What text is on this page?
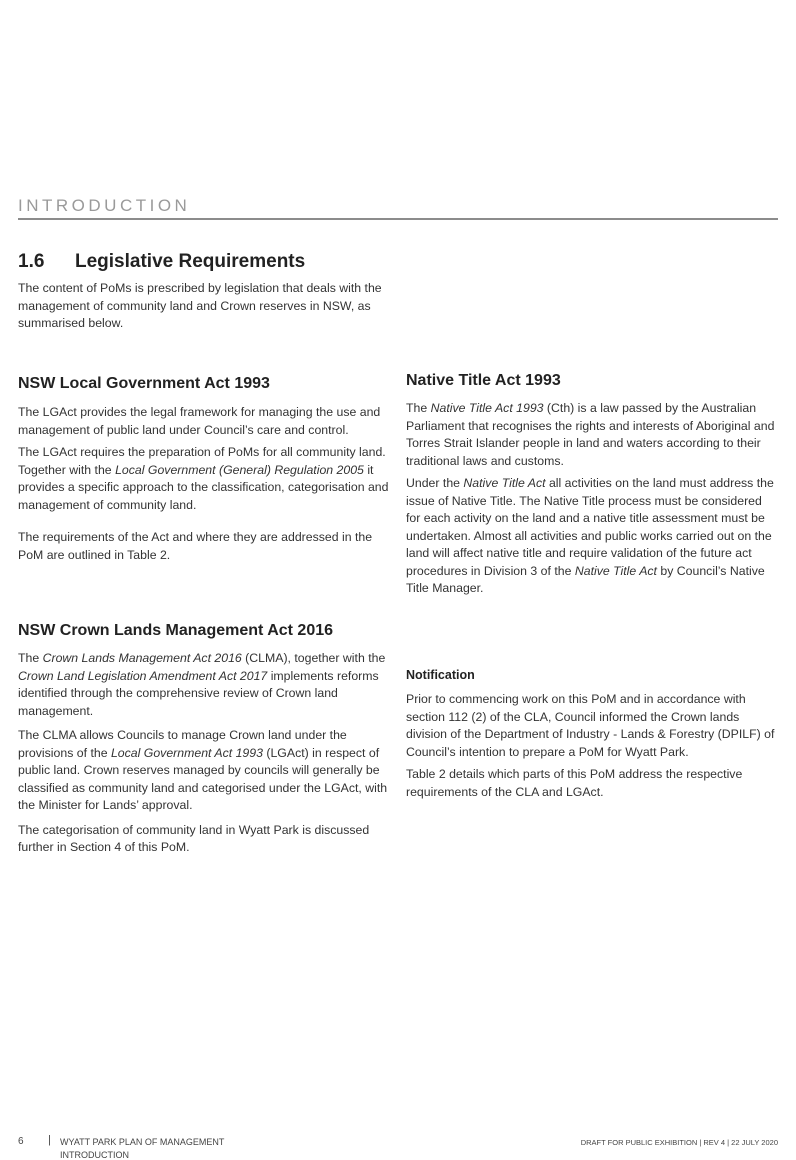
INTRODUCTION
1.6 Legislative Requirements

The content of PoMs is prescribed by legislation that deals with the management of community land and Crown reserves in NSW, as summarised below.

NSW Local Government Act 1993

The LGAct provides the legal framework for managing the use and management of public land under Council’s care and control.

The LGAct requires the preparation of PoMs for all community land. Together with the Local Government (General) Regulation 2005 it provides a specific approach to the classification, categorisation and management of community land.

The requirements of the Act and where they are addressed in the PoM are outlined in Table 2.

NSW Crown Lands Management Act 2016

The Crown Lands Management Act 2016 (CLMA), together with the Crown Land Legislation Amendment Act 2017 implements reforms identified through the comprehensive review of Crown land management.

The CLMA allows Councils to manage Crown land under the provisions of the Local Government Act 1993 (LGAct) in respect of public land. Crown reserves managed by councils will generally be classified as community land and categorised under the LGAct, with the Minister for Lands’ approval.

The categorisation of community land in Wyatt Park is discussed further in Section 4 of this PoM.

Native Title Act 1993

The Native Title Act 1993 (Cth) is a law passed by the Australian Parliament that recognises the rights and interests of Aboriginal and Torres Strait Islander people in land and waters according to their traditional laws and customs.

Under the Native Title Act all activities on the land must address the issue of Native Title. The Native Title process must be considered for each activity on the land and a native title assessment must be undertaken. Almost all activities and public works carried out on the land will affect native title and require validation of the future act procedures in Division 3 of the Native Title Act by Council’s Native Title Manager.

Notification

Prior to commencing work on this PoM and in accordance with section 112 (2) of the CLA, Council informed the Crown lands division of the Department of Industry - Lands & Forestry (DPILF) of Council’s intention to prepare a PoM for Wyatt Park.

Table 2 details which parts of this PoM address the respective requirements of the CLA and LGAct.

6 | WYATT PARK PLAN OF MANAGEMENT
INTRODUCTION
DRAFT FOR PUBLIC EXHIBITION | REV 4 | 22 JULY 2020
